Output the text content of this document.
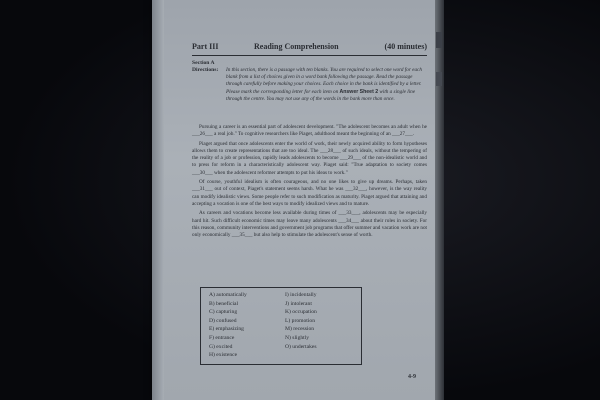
Part III	Reading Comprehension	(40 minutes)
Section A
Directions: In this section, there is a passage with ten blanks. You are required to select one word for each blank from a list of choices given in a word bank following the passage. Read the passage through carefully before making your choices. Each choice in the bank is identified by a letter. Please mark the corresponding letter for each item on Answer Sheet 2 with a single line through the centre. You may not use any of the words in the bank more than once.

Pursuing a career is an essential part of adolescent development. "The adolescent becomes an adult when he ___26___ a real job." To cognitive researchers like Piaget, adulthood meant the beginning of an ___27___.

Piaget argued that once adolescents enter the world of work, their newly acquired ability to form hypotheses allows them to create representations that are too ideal. The ___28___ of such ideals, without the tempering of the reality of a job or profession, rapidly leads adolescents to become ___29___ of the non-idealistic world and to press for reform in a characteristically adolescent way. Piaget said: "True adaptation to society comes ___30___ when the adolescent reformer attempts to put his ideas to work."

Of course, youthful idealism is often courageous, and no one likes to give up dreams. Perhaps, taken ___31___ out of context, Piaget's statement seems harsh. What he was ___32___, however, is the way reality can modify idealistic views. Some people refer to such modification as maturity. Piaget argued that attaining and accepting a vocation is one of the best ways to modify idealized views and to mature.

As careers and vocations become less available during times of ___33___, adolescents may be especially hard hit. Such difficult economic times may leave many adolescents ___34___ about their roles in society. For this reason, community interventions and government job programs that offer summer and vacation work are not only economically ___35___ but also help to stimulate the adolescent's sense of worth.

A) automatically
B) beneficial
C) capturing
D) confused
E) emphasizing
F) entrance
G) excited
H) existence
I) incidentally
J) intolerant
K) occupation
L) promotion
M) recession
N) slightly
O) undertakes
4-9
